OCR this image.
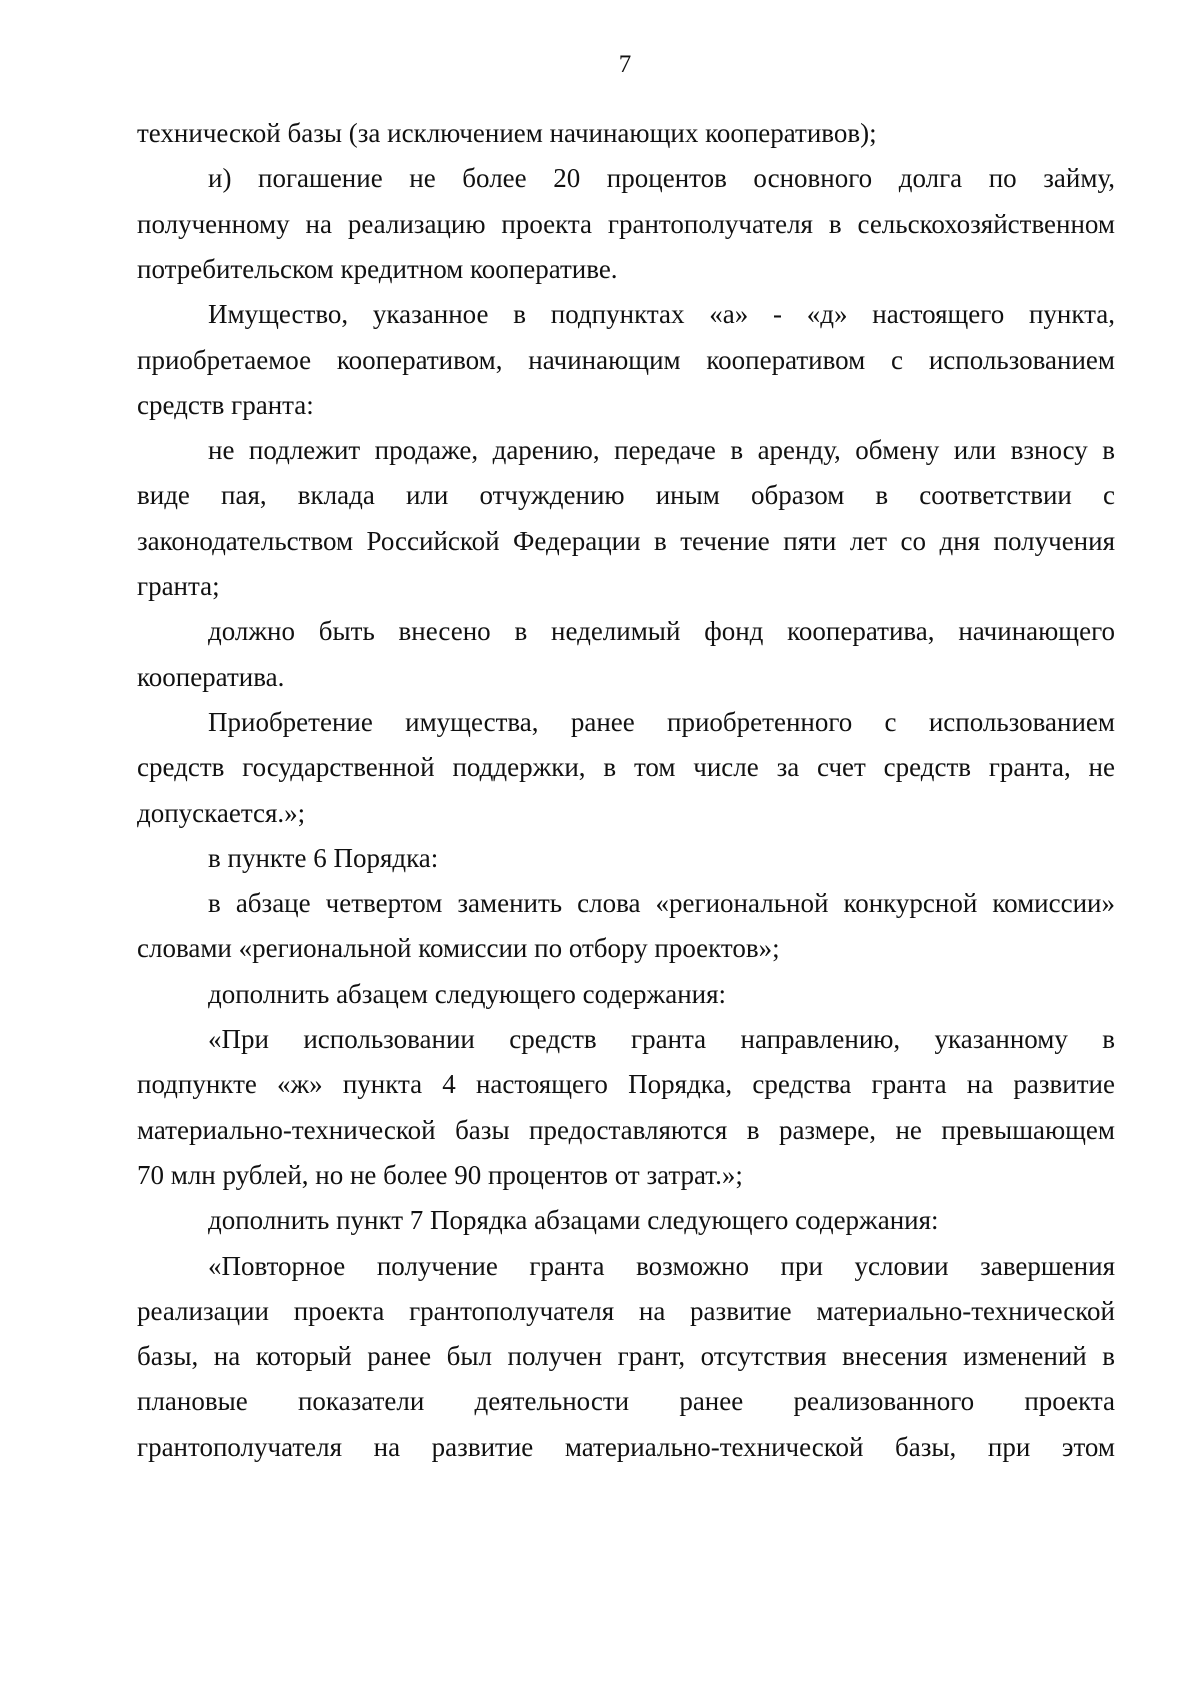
7
технической базы (за исключением начинающих кооперативов);
и) погашение не более 20 процентов основного долга по займу,
полученному на реализацию проекта грантополучателя в сельскохозяйственном
потребительском кредитном кооперативе.
Имущество, указанное в подпунктах «а» - «д» настоящего пункта,
приобретаемое кооперативом, начинающим кооперативом с использованием
средств гранта:
не подлежит продаже, дарению, передаче в аренду, обмену или взносу в
виде пая, вклада или отчуждению иным образом в соответствии с
законодательством Российской Федерации в течение пяти лет со дня получения
гранта;
должно быть внесено в неделимый фонд кооператива, начинающего
кооператива.
Приобретение имущества, ранее приобретенного с использованием
средств государственной поддержки, в том числе за счет средств гранта, не
допускается.»;
в пункте 6 Порядка:
в абзаце четвертом заменить слова «региональной конкурсной комиссии»
словами «региональной комиссии по отбору проектов»;
дополнить абзацем следующего содержания:
«При использовании средств гранта направлению, указанному в
подпункте «ж» пункта 4 настоящего Порядка, средства гранта на развитие
материально-технической базы предоставляются в размере, не превышающем
70 млн рублей, но не более 90 процентов от затрат.»;
дополнить пункт 7 Порядка абзацами следующего содержания:
«Повторное получение гранта возможно при условии завершения
реализации проекта грантополучателя на развитие материально-технической
базы, на который ранее был получен грант, отсутствия внесения изменений в
плановые показатели деятельности ранее реализованного проекта
грантополучателя на развитие материально-технической базы, при этом
